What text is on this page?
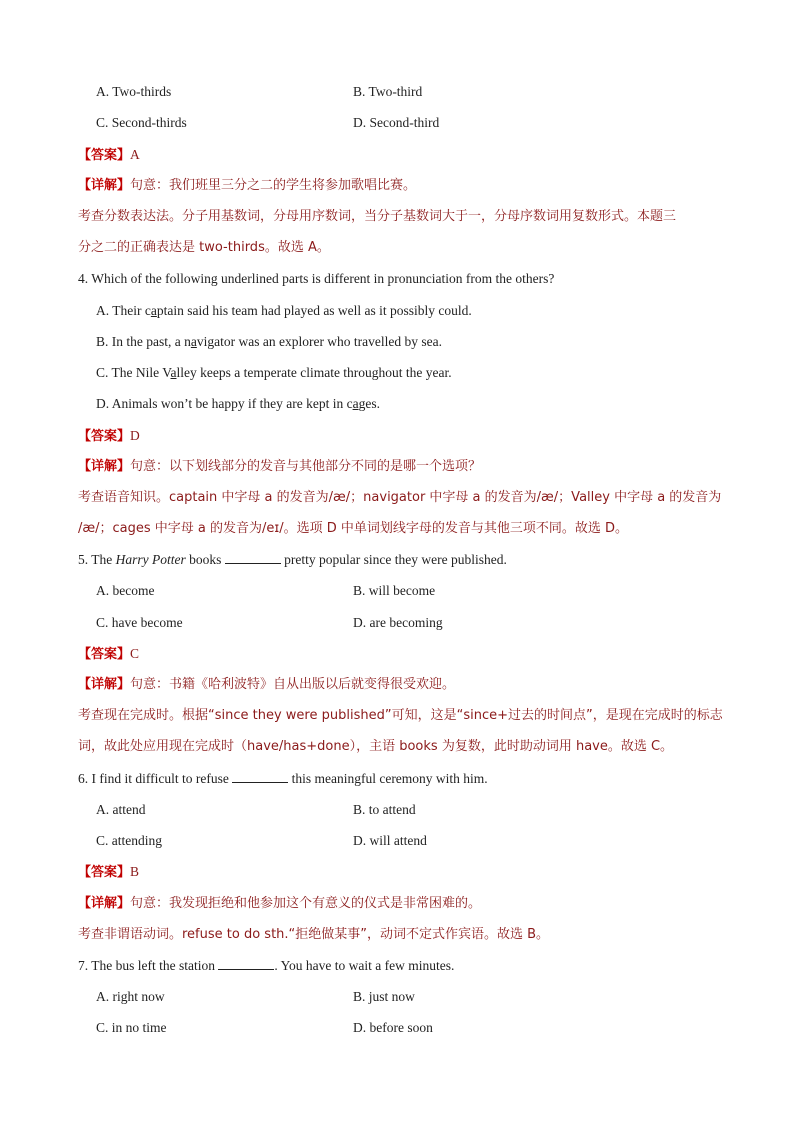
A. Two-thirds	B. Two-third
C. Second-thirds	D. Second-third
【答案】A
【详解】句意：我们班里三分之二的学生将参加歌唱比赛。
考查分数表达法。分子用基数词，分母用序数词，当分子基数词大于一，分母序数词用复数形式。本题三
分之二的正确表达是 two-thirds。故选 A。
4. Which of the following underlined parts is different in pronunciation from the others?
A. Their captain said his team had played as well as it possibly could.
B. In the past, a navigator was an explorer who travelled by sea.
C. The Nile Valley keeps a temperate climate throughout the year.
D. Animals won’t be happy if they are kept in cages.
【答案】D
【详解】句意：以下划线部分的发音与其他部分不同的是哪一个选项？
考查语音知识。captain 中字母 a 的发音为/æ/；navigator 中字母 a 的发音为/æ/；Valley 中字母 a 的发音为
/æ/；cages 中字母 a 的发音为/eɪ/。选项 D 中单词划线字母的发音与其他三项不同。故选 D。
5. The Harry Potter books	pretty popular since they were published.
A. become	B. will become
C. have become	D. are becoming
【答案】C
【详解】句意：书籍《哈利波特》自从出版以后就变得很受欢迎。
考查现在完成时。根据“since they were published”可知，这是“since+过去的时间点”，是现在完成时的标志
词，故此处应用现在完成时（have/has+done），主语 books 为复数，此时助动词用 have。故选 C。
6. I find it difficult to refuse	this meaningful ceremony with him.
A. attend	B. to attend
C. attending	D. will attend
【答案】B
【详解】句意：我发现拒绝和他参加这个有意义的仪式是非常困难的。
考查非谓语动词。refuse to do sth.“拒绝做某事”，动词不定式作宾语。故选 B。
7. The bus left the station	. You have to wait a few minutes.
A. right now	B. just now
C. in no time	D. before soon
